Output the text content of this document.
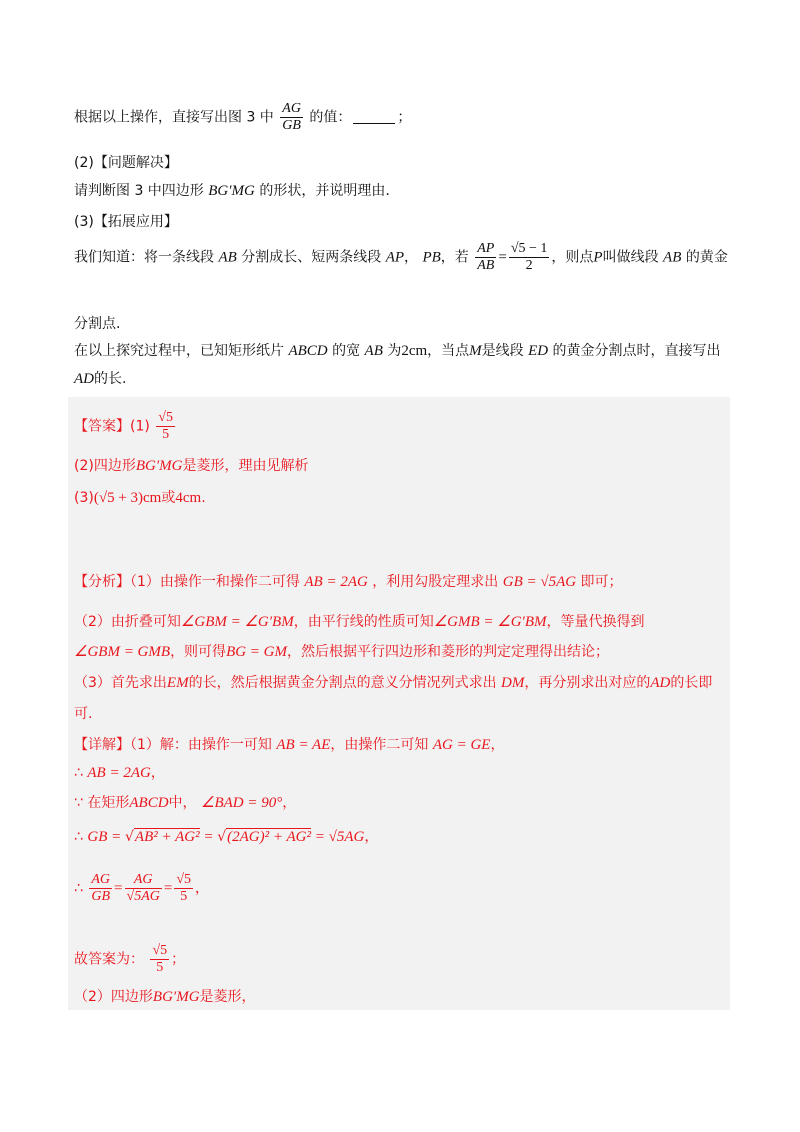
根据以上操作，直接写出图 3 中 $\frac{AG}{GB}$ 的值：	；
(2)【问题解决】
请判断图 3 中四边形 BG′MG 的形状，并说明理由.
(3)【拓展应用】
我们知道：将一条线段 AB 分割成长、短两条线段 AP， PB，若 $\frac{AP}{AB} = \frac{√5 - 1}{2}$ ，则点P叫做线段 AB 的黄金
分割点.
在以上探究过程中，已知矩形纸片 ABCD 的宽 AB 为2cm，当点M是线段 ED 的黄金分割点时，直接写出
AD的长.
【答案】$(1) \frac{√5}{5}$
(2)四边形BG′MG是菱形，理由见解析
(3)(√5 + 3)cm或4cm.
【分析】（1）由操作一和操作二可得 AB = 2AG ，利用勾股定理求出 GB = √5AG 即可；
（2）由折叠可知∠GBM = ∠G′BM，由平行线的性质可知∠GMB = ∠G′BM，等量代换得到
∠GBM = GMB，则可得BG = GM，然后根据平行四边形和菱形的判定定理得出结论；
（3）首先求出EM的长，然后根据黄金分割点的意义分情况列式求出 DM，再分别求出对应的AD的长即
可.
【详解】（1）解：由操作一可知 AB = AE，由操作二可知 AG = GE，
∴ AB = 2AG，
∵ 在矩形ABCD中， ∠BAD = 90°，
∴ GB = √AB² + AG² = √(2AG)² + AG² = √5AG，
∴ $\frac{AG}{GB} = \frac{AG}{√5AG} = \frac{√5}{5}$ ，
故答案为： $\frac{√5}{5}$ ；
（2）四边形BG′MG是菱形，
